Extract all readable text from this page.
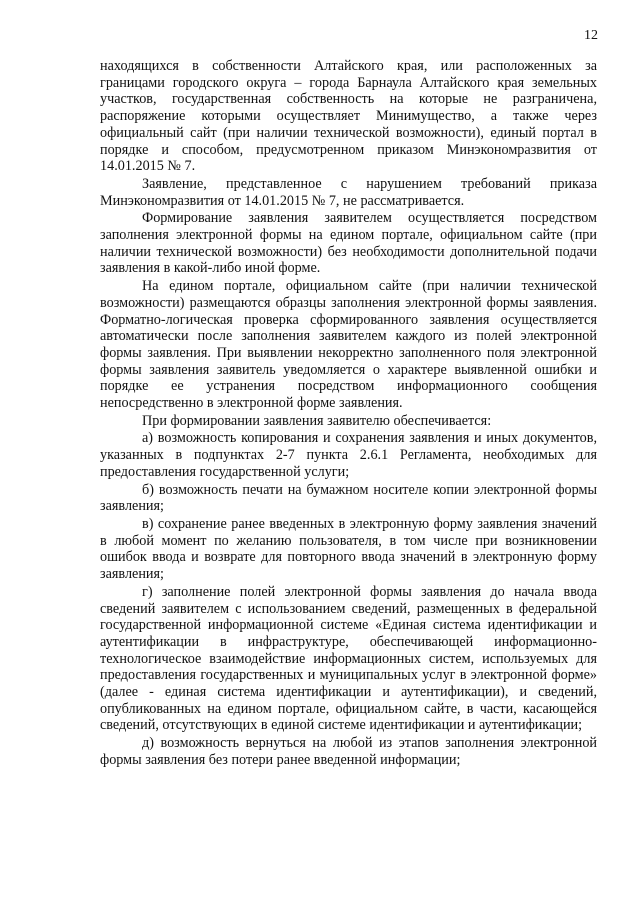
12

находящихся в собственности Алтайского края, или расположенных за границами городского округа – города Барнаула Алтайского края земельных участков, государственная собственность на которые не разграничена, распоряжение которыми осуществляет Минимущество, а также через официальный сайт (при наличии технической возможности), единый портал в порядке и способом, предусмотренном приказом Минэкономразвития от 14.01.2015 № 7.

Заявление, представленное с нарушением требований приказа Минэкономразвития от 14.01.2015 № 7, не рассматривается.

Формирование заявления заявителем осуществляется посредством заполнения электронной формы на едином портале, официальном сайте (при наличии технической возможности) без необходимости дополнительной подачи заявления в какой-либо иной форме.

На едином портале, официальном сайте (при наличии технической возможности) размещаются образцы заполнения электронной формы заявления. Форматно-логическая проверка сформированного заявления осуществляется автоматически после заполнения заявителем каждого из полей электронной формы заявления. При выявлении некорректно заполненного поля электронной формы заявления заявитель уведомляется о характере выявленной ошибки и порядке ее устранения посредством информационного сообщения непосредственно в электронной форме заявления.

При формировании заявления заявителю обеспечивается:

а) возможность копирования и сохранения заявления и иных документов, указанных в подпунктах 2-7 пункта 2.6.1 Регламента, необходимых для предоставления государственной услуги;

б) возможность печати на бумажном носителе копии электронной формы заявления;

в) сохранение ранее введенных в электронную форму заявления значений в любой момент по желанию пользователя, в том числе при возникновении ошибок ввода и возврате для повторного ввода значений в электронную форму заявления;

г) заполнение полей электронной формы заявления до начала ввода сведений заявителем с использованием сведений, размещенных в федеральной государственной информационной системе «Единая система идентификации и аутентификации в инфраструктуре, обеспечивающей информационно-технологическое взаимодействие информационных систем, используемых для предоставления государственных и муниципальных услуг в электронной форме» (далее - единая система идентификации и аутентификации), и сведений, опубликованных на едином портале, официальном сайте, в части, касающейся сведений, отсутствующих в единой системе идентификации и аутентификации;

д) возможность вернуться на любой из этапов заполнения электронной формы заявления без потери ранее введенной информации;
